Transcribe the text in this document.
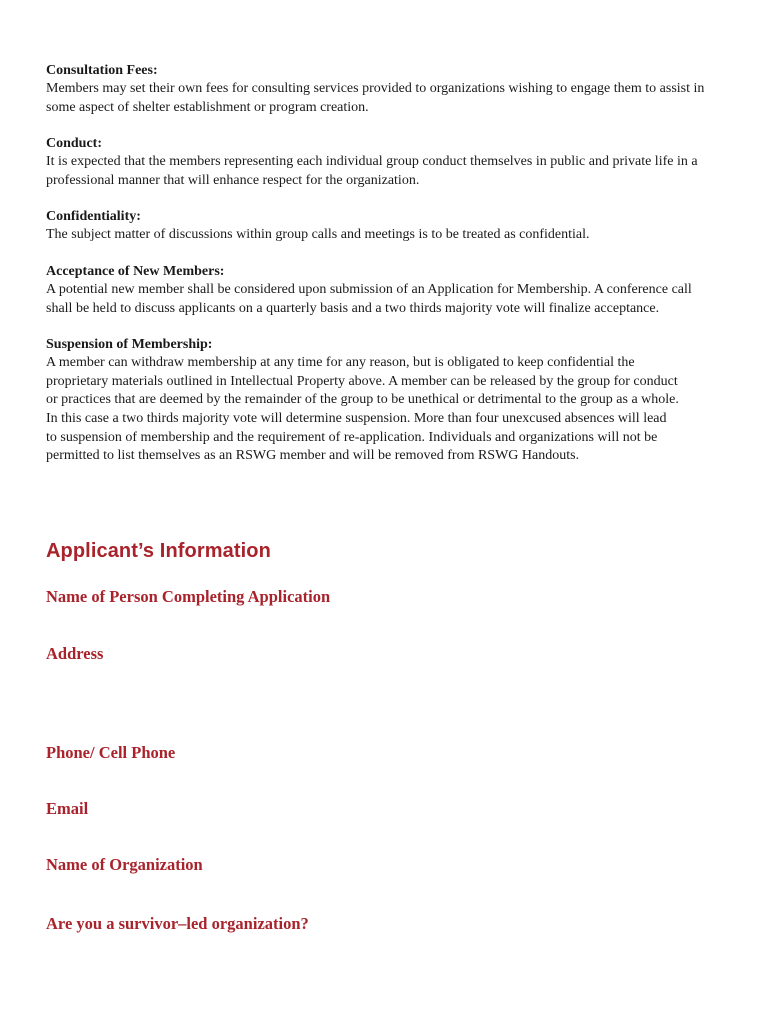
Consultation Fees:
Members may set their own fees for consulting services provided to organizations wishing to engage them to assist in
some aspect of shelter establishment or program creation.
Conduct:
It is expected that the members representing each individual group conduct themselves in public and private life in a
professional manner that will enhance respect for the organization.
Confidentiality:
The subject matter of discussions within group calls and meetings is to be treated as confidential.
Acceptance of New Members:
A potential new member shall be considered upon submission of an Application for Membership. A conference call
shall be held to discuss applicants on a quarterly basis and a two thirds majority vote will finalize acceptance.
Suspension of Membership:
A member can withdraw membership at any time for any reason, but is obligated to keep confidential the
proprietary materials outlined in Intellectual Property above. A member can be released by the group for conduct
or practices that are deemed by the remainder of the group to be unethical or detrimental to the group as a whole.
In this case a two thirds majority vote will determine suspension. More than four unexcused absences will lead
to suspension of membership and the requirement of re-application. Individuals and organizations will not be
permitted to list themselves as an RSWG member and will be removed from RSWG Handouts.
Applicant’s Information
Name of Person Completing Application
Address
Phone/ Cell Phone
Email
Name of Organization
Are you a survivor–led organization?
